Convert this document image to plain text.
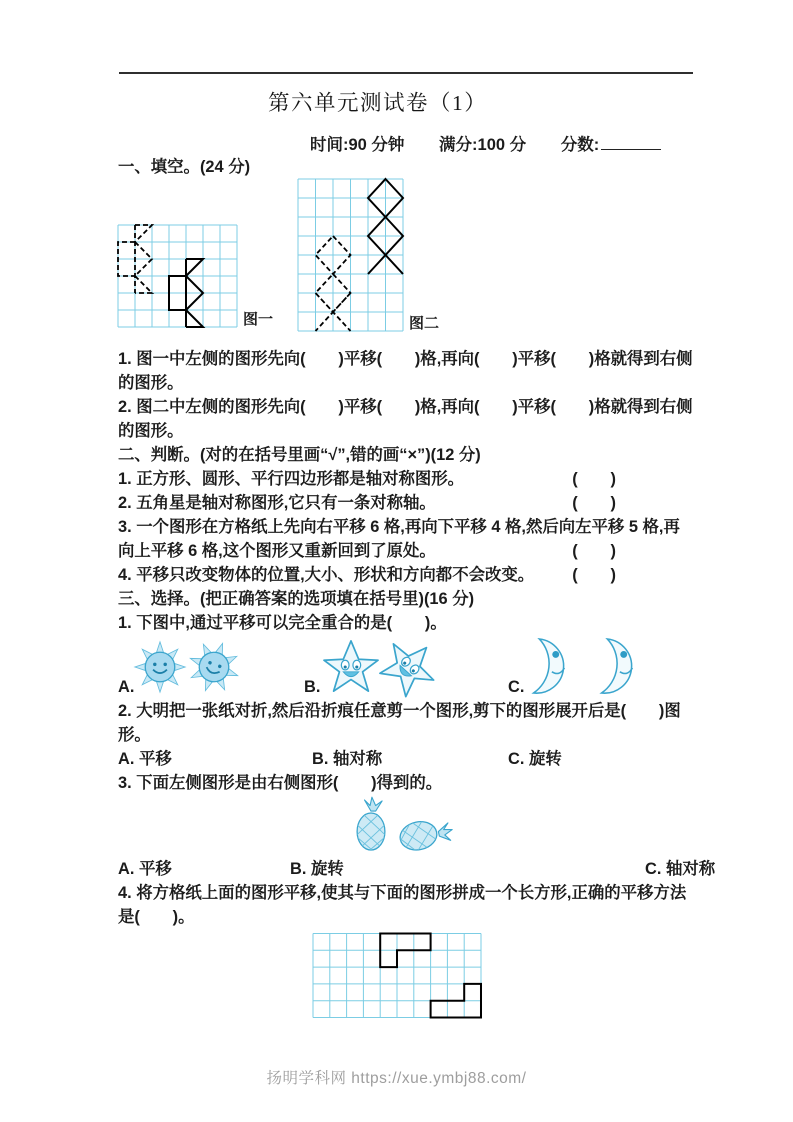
第六单元测试卷（1）
时间:90 分钟 满分:100 分 分数:

一、填空。(24 分)

图一	图二

1. 图一中左侧的图形先向(　　)平移(　　)格,再向(　　)平移(　　)格就得到右侧的图形。

2. 图二中左侧的图形先向(　　)平移(　　)格,再向(　　)平移(　　)格就得到右侧的图形。

二、判断。(对的在括号里画“√”,错的画“×”)(12 分)

1. 正方形、圆形、平行四边形都是轴对称图形。	(　　)

2. 五角星是轴对称图形,它只有一条对称轴。	(　　)

3. 一个图形在方格纸上先向右平移 6 格,再向下平移 4 格,然后向左平移 5 格,再向上平移 6 格,这个图形又重新回到了原处。	(　　)

4. 平移只改变物体的位置,大小、形状和方向都不会改变。	(　　)

三、选择。(把正确答案的选项填在括号里)(16 分)

1. 下图中,通过平移可以完全重合的是(　　)。

A.	B.	C.

2. 大明把一张纸对折,然后沿折痕任意剪一个图形,剪下的图形展开后是(　　)图形。

A. 平移	B. 轴对称	C. 旋转

3. 下面左侧图形是由右侧图形(　　)得到的。

A. 平移	B. 旋转	C. 轴对称

4. 将方格纸上面的图形平移,使其与下面的图形拼成一个长方形,正确的平移方法是(　　)。

扬明学科网 https://xue.ymbj88.com/
